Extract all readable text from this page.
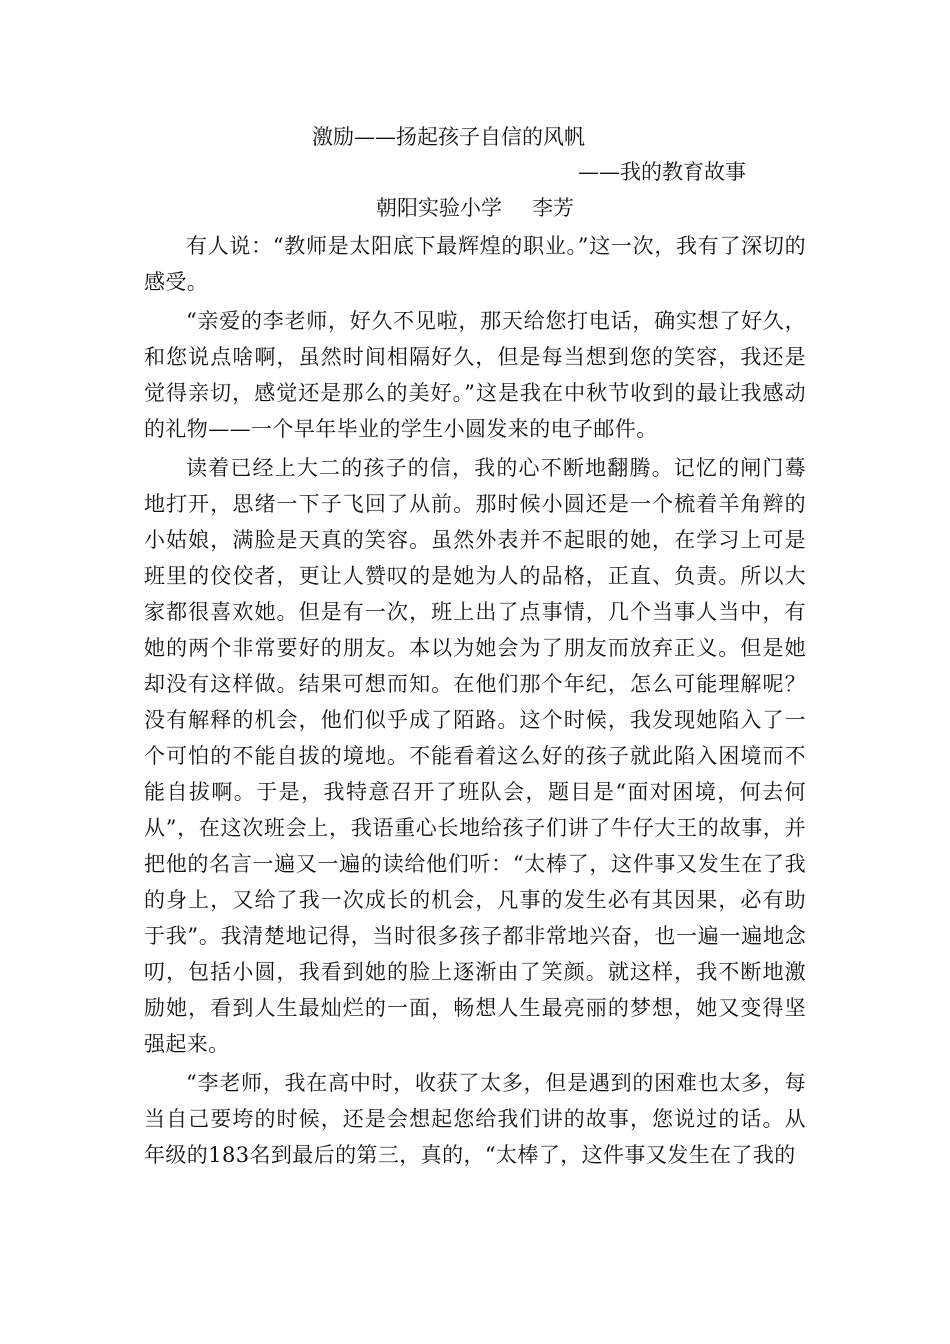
激励——扬起孩子自信的风帆
——我的教育故事
朝阳实验小学 李芳

有人说：“教师是太阳底下最辉煌的职业。”这一次，我有了深切的感受。

“亲爱的李老师，好久不见啦，那天给您打电话，确实想了好久，和您说点啥啊，虽然时间相隔好久，但是每当想到您的笑容，我还是觉得亲切，感觉还是那么的美好。”这是我在中秋节收到的最让我感动的礼物——一个早年毕业的学生小圆发来的电子邮件。

读着已经上大二的孩子的信，我的心不断地翻腾。记忆的闸门蓦地打开，思绪一下子飞回了从前。那时候小圆还是一个梳着羊角辫的小姑娘，满脸是天真的笑容。虽然外表并不起眼的她，在学习上可是班里的佼佼者，更让人赞叹的是她为人的品格，正直、负责。所以大家都很喜欢她。但是有一次，班上出了点事情，几个当事人当中，有她的两个非常要好的朋友。本以为她会为了朋友而放弃正义。但是她却没有这样做。结果可想而知。在他们那个年纪，怎么可能理解呢？没有解释的机会，他们似乎成了陌路。这个时候，我发现她陷入了一个可怕的不能自拔的境地。不能看着这么好的孩子就此陷入困境而不能自拔啊。于是，我特意召开了班队会，题目是“面对困境，何去何从”，在这次班会上，我语重心长地给孩子们讲了牛仔大王的故事，并把他的名言一遍又一遍的读给他们听：“太棒了，这件事又发生在了我的身上，又给了我一次成长的机会，凡事的发生必有其因果，必有助于我”。我清楚地记得，当时很多孩子都非常地兴奋，也一遍一遍地念叨，包括小圆，我看到她的脸上逐渐由了笑颜。就这样，我不断地激励她，看到人生最灿烂的一面，畅想人生最亮丽的梦想，她又变得坚强起来。

“李老师，我在高中时，收获了太多，但是遇到的困难也太多，每当自己要垮的时候，还是会想起您给我们讲的故事，您说过的话。从年级的183名到最后的第三，真的，“太棒了，这件事又发生在了我的
